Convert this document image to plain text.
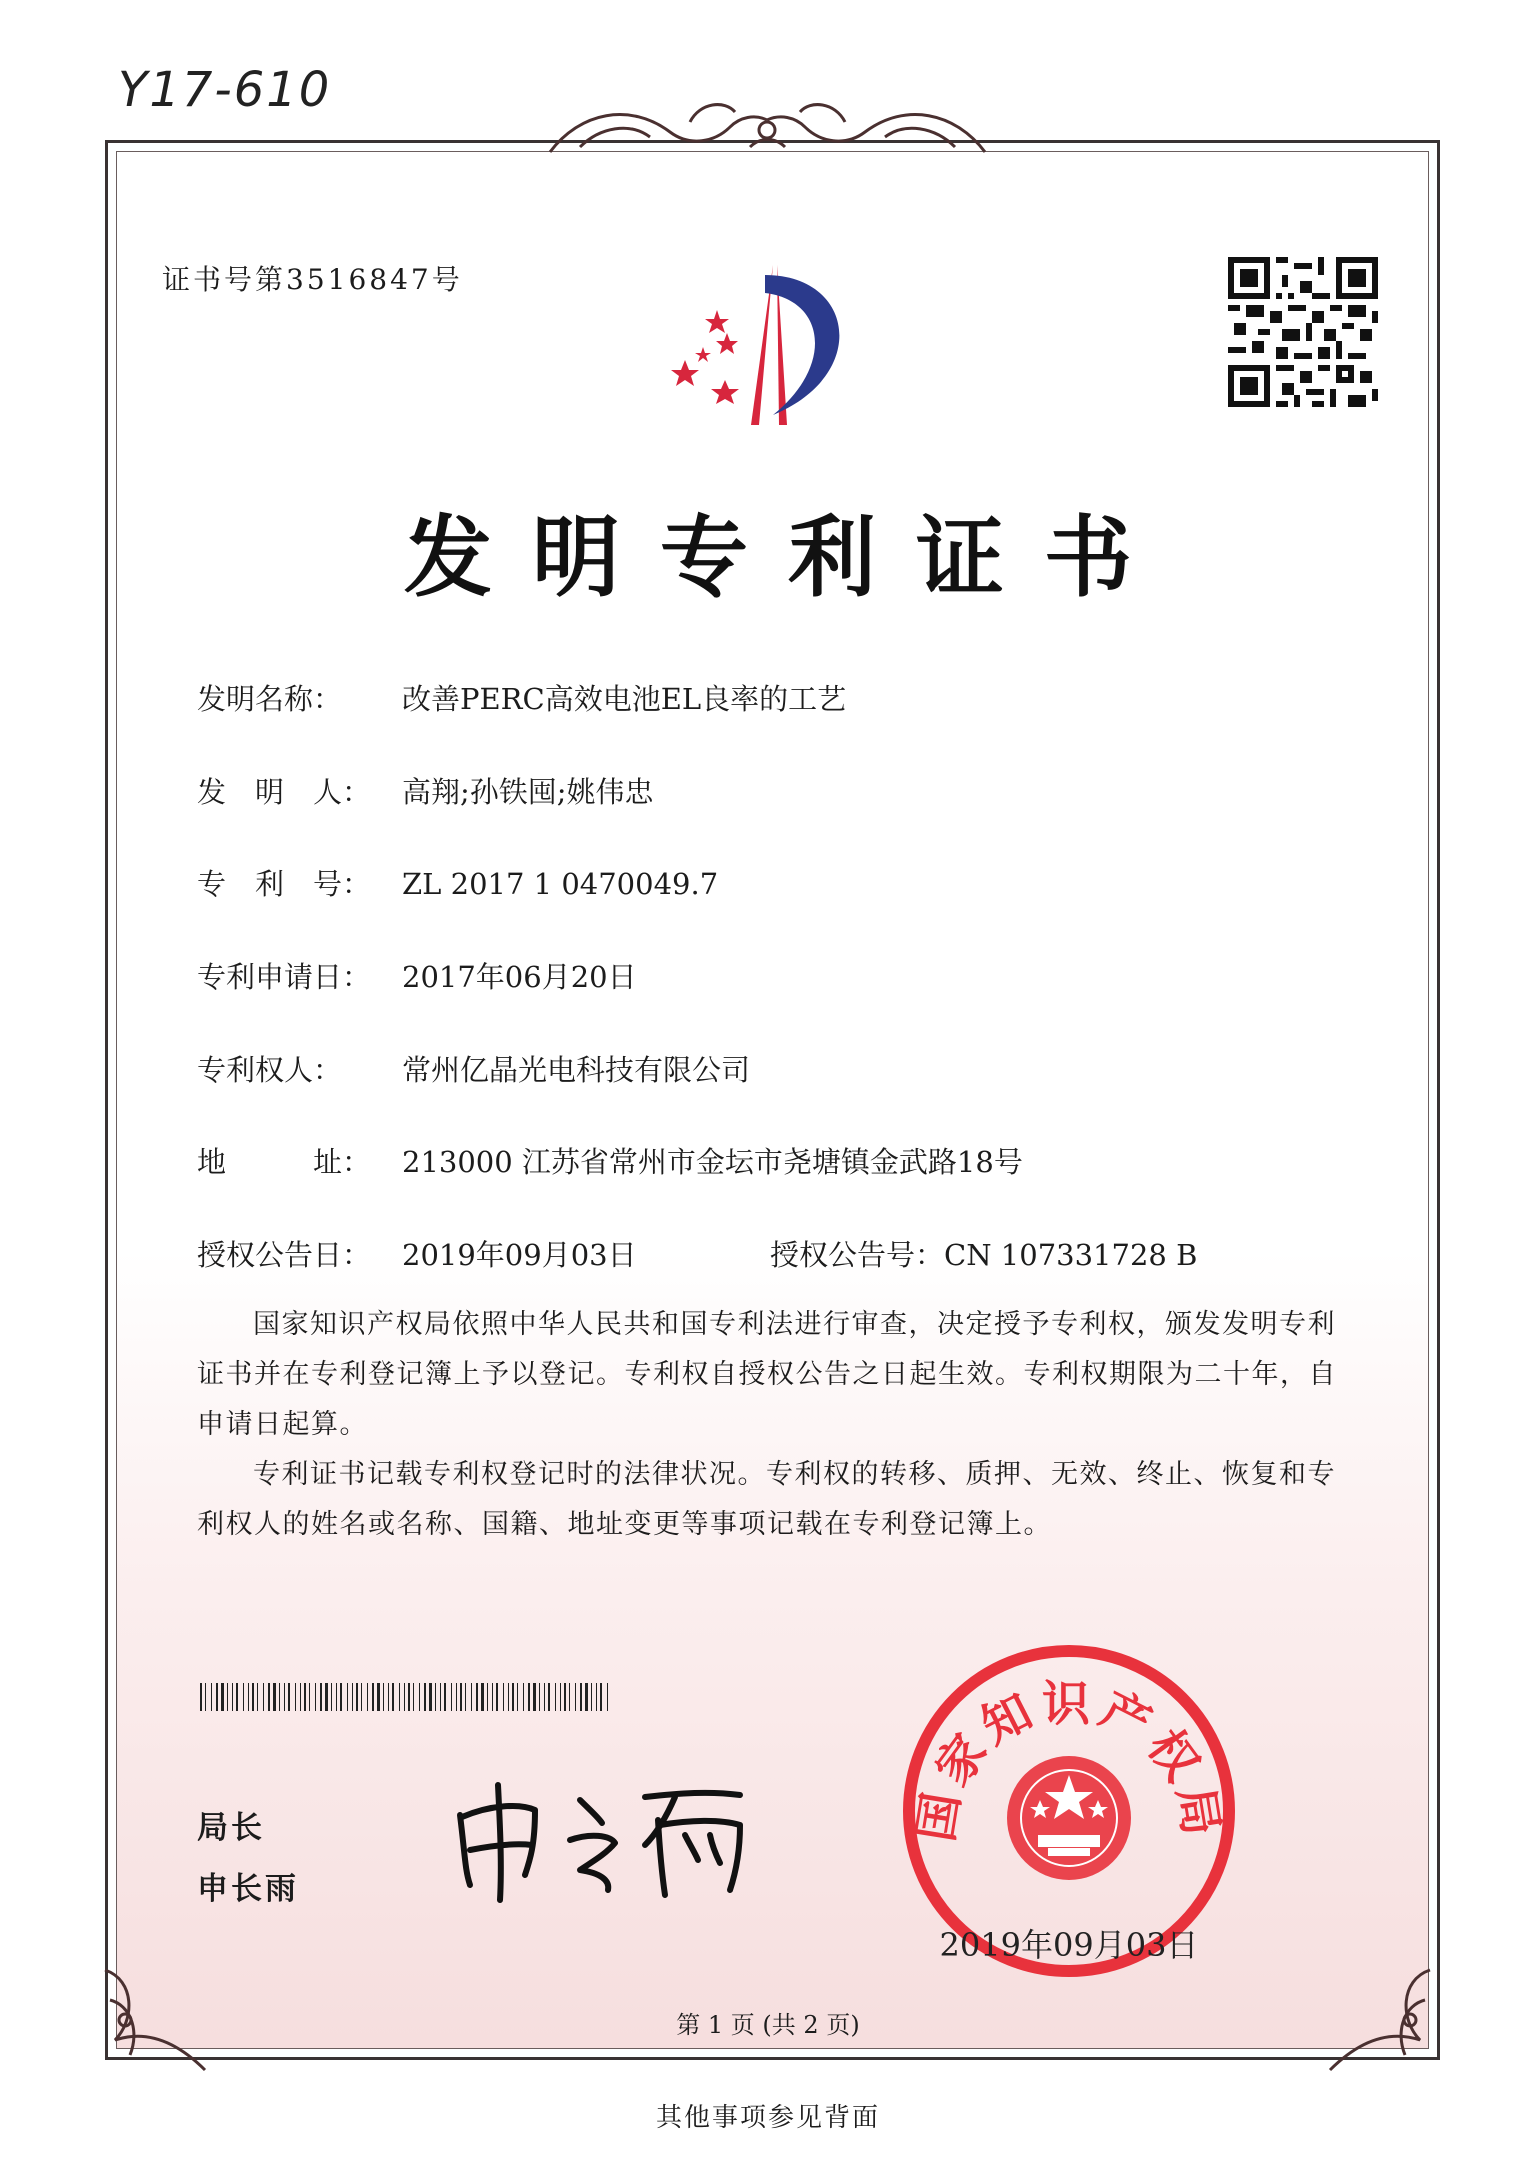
Y17-610
证书号第3516847号
发明专利证书
发明名称： 改善PERC高效电池EL良率的工艺
发　明　人： 高翔;孙铁囤;姚伟忠
专　利　号： ZL 2017 1 0470049.7
专利申请日： 2017年06月20日
专利权人： 常州亿晶光电科技有限公司
地　　　址： 213000 江苏省常州市金坛市尧塘镇金武路18号
授权公告日： 2019年09月03日	授权公告号：CN 107331728 B
国家知识产权局依照中华人民共和国专利法进行审查，决定授予专利权，颁发发明专利证书并在专利登记簿上予以登记。专利权自授权公告之日起生效。专利权期限为二十年，自申请日起算。
专利证书记载专利权登记时的法律状况。专利权的转移、质押、无效、终止、恢复和专利权人的姓名或名称、国籍、地址变更等事项记载在专利登记簿上。
局长
申长雨
国家知识产权局
2019年09月03日
第 1 页 (共 2 页)
其他事项参见背面
